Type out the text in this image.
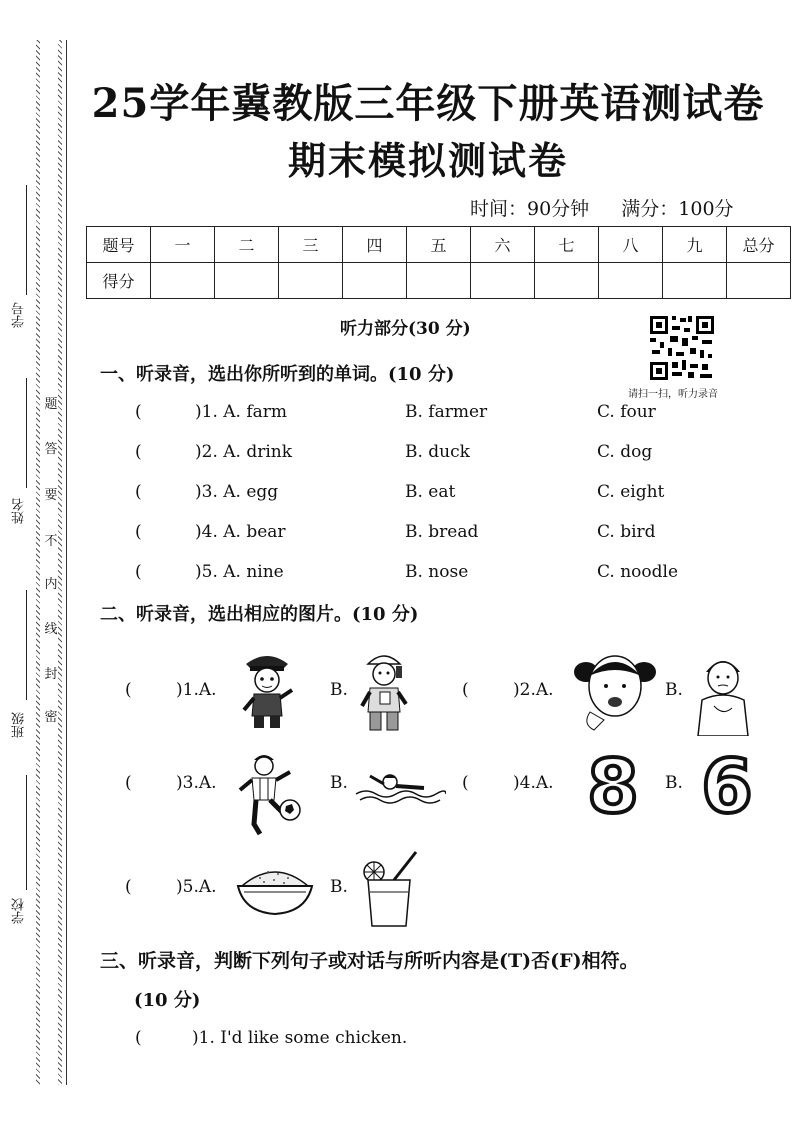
题
答
要
不
内
线
封
密
学号
姓名
班级
学校
25学年冀教版三年级下册英语测试卷
期末模拟测试卷
时间：90分钟 满分：100分
题号	一	二	三	四	五	六	七	八	九	总分
得分										
听力部分(30 分)
请扫一扫，听力录音
一、听录音，选出你所听到的单词。(10 分)
(	)1. A. farm	B. farmer	C. four
(	)2. A. drink	B. duck	C. dog
(	)3. A. egg	B. eat	C. eight
(	)4. A. bear	B. bread	C. bird
(	)5. A. nine	B. nose	C. noodle
二、听录音，选出相应的图片。(10 分)
(	)1.A.	B.	(	)2.A.	B.
(	)3.A.	B.	(	)4.A. 8 B. 6
(	)5.A.	B.
三、听录音，判断下列句子或对话与所听内容是(T)否(F)相符。
(10 分)
(	)1. I'd like some chicken.
